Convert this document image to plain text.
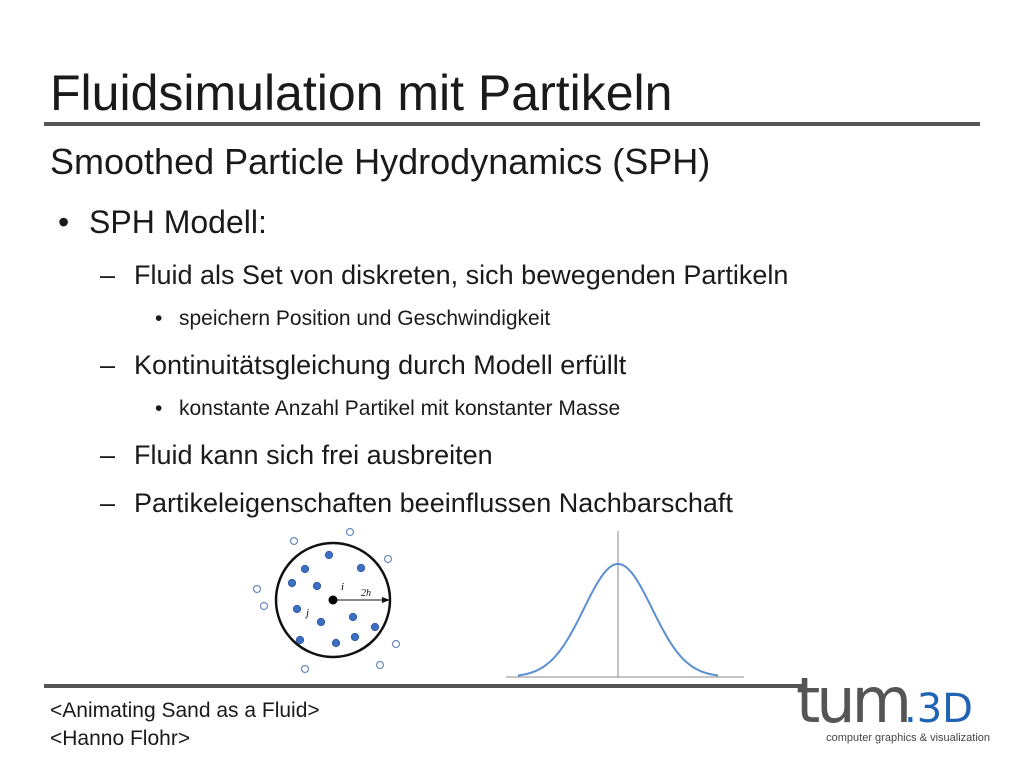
Fluidsimulation mit Partikeln
Smoothed Particle Hydrodynamics (SPH)
• SPH Modell:
– Fluid als Set von diskreten, sich bewegenden Partikeln
• speichern Position und Geschwindigkeit
– Kontinuitätsgleichung durch Modell erfüllt
• konstante Anzahl Partikel mit konstanter Masse
– Fluid kann sich frei ausbreiten
– Partikeleigenschaften beeinflussen Nachbarschaft
i
2h
j
<Animating Sand as a Fluid>
<Hanno Flohr>
tum
.3D
computer graphics & visualization
